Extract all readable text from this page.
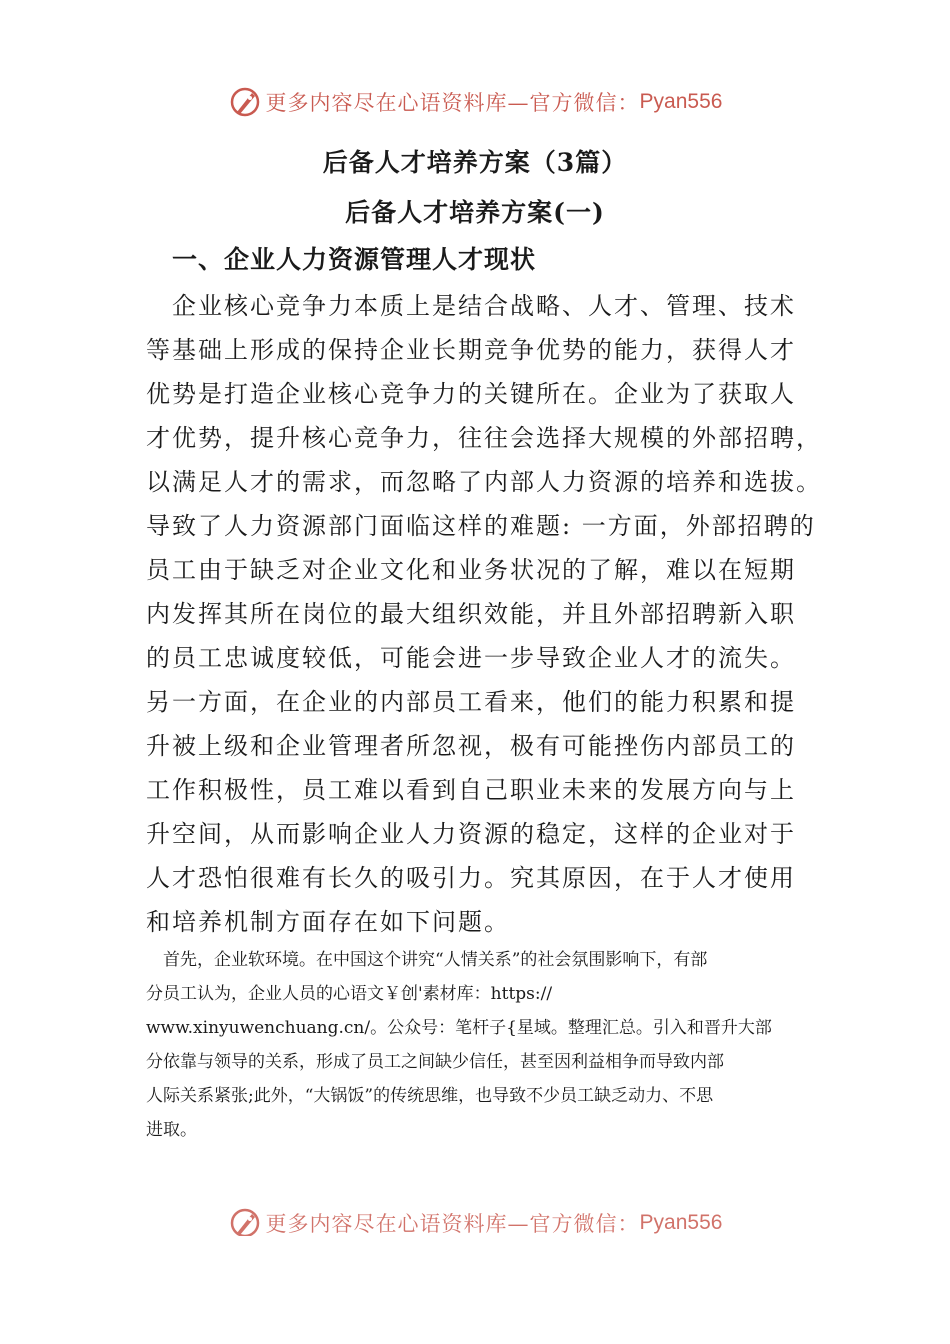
更多内容尽在心语资料库—官方微信： Pyan556
后备人才培养方案（3篇）
后备人才培养方案(一)
一、企业人力资源管理人才现状
　企业核心竞争力本质上是结合战略、人才、管理、技术
等基础上形成的保持企业长期竞争优势的能力，获得人才
优势是打造企业核心竞争力的关键所在。企业为了获取人
才优势，提升核心竞争力，往往会选择大规模的外部招聘，
以满足人才的需求，而忽略了内部人力资源的培养和选拔。
导致了人力资源部门面临这样的难题: 一方面，外部招聘的
员工由于缺乏对企业文化和业务状况的了解，难以在短期
内发挥其所在岗位的最大组织效能，并且外部招聘新入职
的员工忠诚度较低，可能会进一步导致企业人才的流失。
另一方面，在企业的内部员工看来，他们的能力积累和提
升被上级和企业管理者所忽视，极有可能挫伤内部员工的
工作积极性，员工难以看到自己职业未来的发展方向与上
升空间，从而影响企业人力资源的稳定，这样的企业对于
人才恐怕很难有长久的吸引力。究其原因，在于人才使用
和培养机制方面存在如下问题。
　首先，企业软环境。在中国这个讲究“人情关系”的社会氛围影响下，有部
分员工认为，企业人员的心语文￥创'素材库：https://
www.xinyuwenchuang.cn/。公众号：笔杆子{星域。整理汇总。引入和晋升大部
分依靠与领导的关系，形成了员工之间缺少信任，甚至因利益相争而导致内部
人际关系紧张;此外，“大锅饭”的传统思维，也导致不少员工缺乏动力、不思
进取。
更多内容尽在心语资料库—官方微信： Pyan556
